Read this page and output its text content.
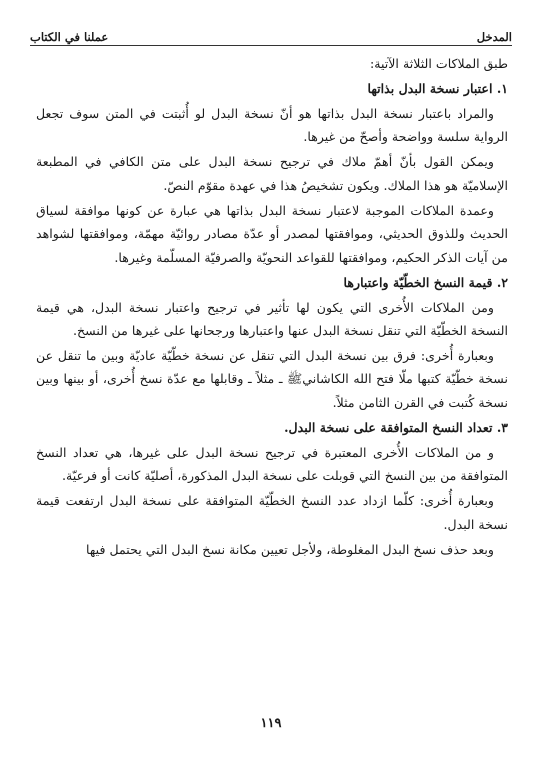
المدخل
عملنا في الكتاب

طبق الملاكات الثلاثة الآتية:

١. اعتبار نسخة البدل بذاتها

والمراد باعتبار نسخة البدل بذاتها هو أنّ نسخة البدل لو أُثبتت في المتن سوف تجعل الرواية سلسة وواضحة وأصحّ من غيرها.

ويمكن القول بأنّ أهمّ ملاك في ترجيح نسخة البدل على متن الكافي في المطبعة الإسلاميّة هو هذا الملاك. ويكون تشخيصُ هذا في عهدة مقوّم النصّ.

وعمدة الملاكات الموجبة لاعتبار نسخة البدل بذاتها هي عبارة عن كونها موافقة لسياق الحديث وللذوق الحديثي، وموافقتها لمصدر أو عدّة مصادر روائيّة مهمّة، وموافقتها لشواهد من آيات الذكر الحكيم، وموافقتها للقواعد النحويّة والصرفيّة المسلّمة وغيرها.

٢. قيمة النسخ الخطّيّة واعتبارها

ومن الملاكات الأُخرى التي يكون لها تأثير في ترجيح واعتبار نسخة البدل، هي قيمة النسخة الخطّيّة التي تنقل نسخة البدل عنها واعتبارها ورجحانها على غيرها من النسخ.

وبعبارة أُخرى: فرق بين نسخة البدل التي تنقل عن نسخة خطّيّة عاديّة وبين ما تنقل عن نسخة خطّيّة كتبها ملّا فتح الله الكاشانيﷺ ـ مثلاً ـ وقابلها مع عدّة نسخ أُخرى، أو بينها وبين نسخة كُتبت في القرن الثامن مثلاً.

٣. تعداد النسخ المتوافقة على نسخة البدل.

و من الملاكات الأُخرى المعتبرة في ترجيح نسخة البدل على غيرها، هي تعداد النسخ المتوافقة من بين النسخ التي قوبلت على نسخة البدل المذكورة، أصليّة كانت أو فرعيّة.

وبعبارة أُخرى: كلّما ازداد عدد النسخ الخطّيّة المتوافقة على نسخة البدل ارتفعت قيمة نسخة البدل.

وبعد حذف نسخ البدل المغلوطة، ولأجل تعيين مكانة نسخ البدل التي يحتمل فيها

١١٩
